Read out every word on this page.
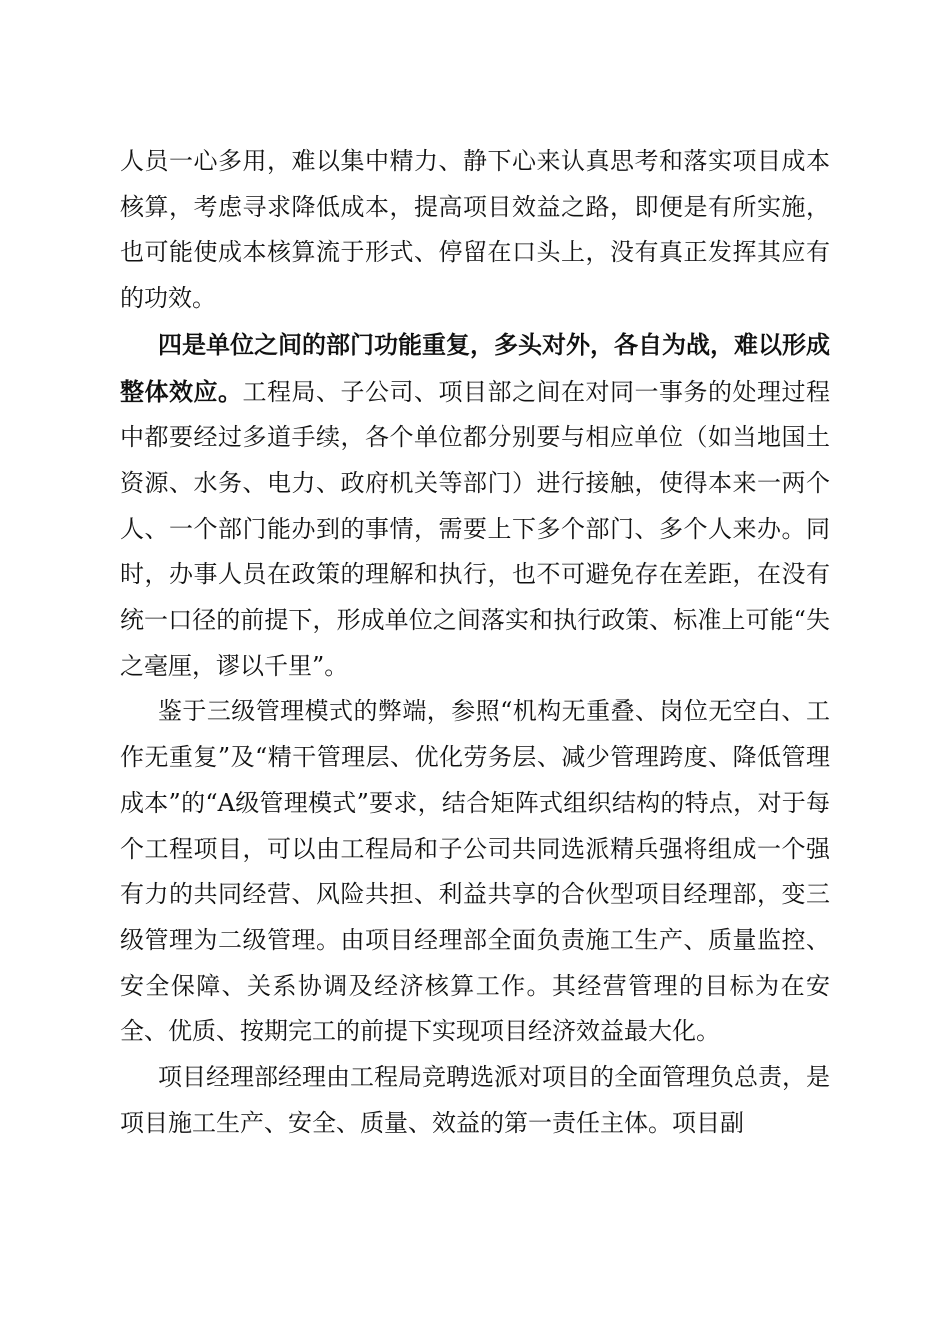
人员一心多用，难以集中精力、静下心来认真思考和落实项目成本核算，考虑寻求降低成本，提高项目效益之路，即便是有所实施，也可能使成本核算流于形式、停留在口头上，没有真正发挥其应有的功效。

四是单位之间的部门功能重复，多头对外，各自为战，难以形成整体效应。工程局、子公司、项目部之间在对同一事务的处理过程中都要经过多道手续，各个单位都分别要与相应单位（如当地国土资源、水务、电力、政府机关等部门）进行接触，使得本来一两个人、一个部门能办到的事情，需要上下多个部门、多个人来办。同时，办事人员在政策的理解和执行，也不可避免存在差距，在没有统一口径的前提下，形成单位之间落实和执行政策、标准上可能“失之毫厘，谬以千里”。

鉴于三级管理模式的弊端，参照“机构无重叠、岗位无空白、工作无重复”及“精干管理层、优化劳务层、减少管理跨度、降低管理成本”的“A级管理模式”要求，结合矩阵式组织结构的特点，对于每个工程项目，可以由工程局和子公司共同选派精兵强将组成一个强有力的共同经营、风险共担、利益共享的合伙型项目经理部，变三级管理为二级管理。由项目经理部全面负责施工生产、质量监控、安全保障、关系协调及经济核算工作。其经营管理的目标为在安全、优质、按期完工的前提下实现项目经济效益最大化。

项目经理部经理由工程局竞聘选派对项目的全面管理负总责，是项目施工生产、安全、质量、效益的第一责任主体。项目副
